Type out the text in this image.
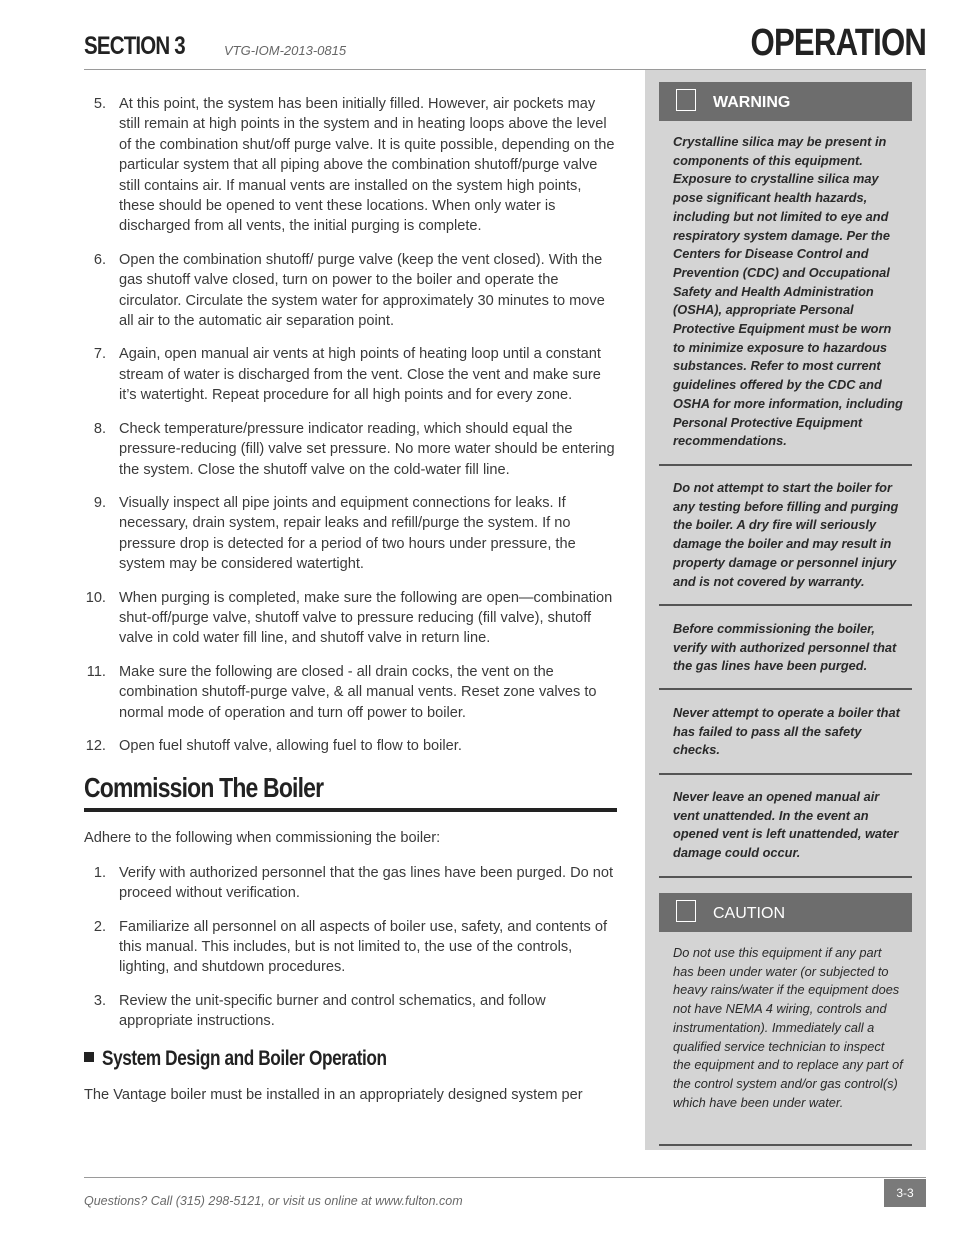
SECTION 3	VTG-IOM-2013-0815	OPERATION
5. At this point, the system has been initially filled. However, air pockets may still remain at high points in the system and in heating loops above the level of the combination shut/off purge valve. It is quite possible, depending on the particular system that all piping above the combination shutoff/purge valve still contains air. If manual vents are installed on the system high points, these should be opened to vent these locations. When only water is discharged from all vents, the initial purging is complete.
6. Open the combination shutoff/ purge valve (keep the vent closed). With the gas shutoff valve closed, turn on power to the boiler and operate the circulator. Circulate the system water for approximately 30 minutes to move all air to the automatic air separation point.
7. Again, open manual air vents at high points of heating loop until a constant stream of water is discharged from the vent. Close the vent and make sure it’s watertight. Repeat procedure for all high points and for every zone.
8. Check temperature/pressure indicator reading, which should equal the pressure-reducing (fill) valve set pressure. No more water should be entering the system. Close the shutoff valve on the cold-water fill line.
9. Visually inspect all pipe joints and equipment connections for leaks. If necessary, drain system, repair leaks and refill/purge the system. If no pressure drop is detected for a period of two hours under pressure, the system may be considered watertight.
10. When purging is completed, make sure the following are open—combination shut-off/purge valve, shutoff valve to pressure reducing (fill valve), shutoff valve in cold water fill line, and shutoff valve in return line.
11. Make sure the following are closed - all drain cocks, the vent on the combination shutoff-purge valve, & all manual vents. Reset zone valves to normal mode of operation and turn off power to boiler.
12. Open fuel shutoff valve, allowing fuel to flow to boiler.
Commission The Boiler

Adhere to the following when commissioning the boiler:

1. Verify with authorized personnel that the gas lines have been purged. Do not proceed without verification.
2. Familiarize all personnel on all aspects of boiler use, safety, and contents of this manual. This includes, but is not limited to, the use of the controls, lighting, and shutdown procedures.
3. Review the unit-specific burner and control schematics, and follow appropriate instructions.
System Design and Boiler Operation

The Vantage boiler must be installed in an appropriately designed system per

WARNING

Crystalline silica may be present in components of this equipment. Exposure to crystalline silica may pose significant health hazards, including but not limited to eye and respiratory system damage. Per the Centers for Disease Control and Prevention (CDC) and Occupational Safety and Health Administration (OSHA), appropriate Personal Protective Equipment must be worn to minimize exposure to hazardous substances. Refer to most current guidelines offered by the CDC and OSHA for more information, including Personal Protective Equipment recommendations.

Do not attempt to start the boiler for any testing before filling and purging the boiler. A dry fire will seriously damage the boiler and may result in property damage or personnel injury and is not covered by warranty.

Before commissioning the boiler, verify with authorized personnel that the gas lines have been purged.

Never attempt to operate a boiler that has failed to pass all the safety checks.

Never leave an opened manual air vent unattended. In the event an opened vent is left unattended, water damage could occur.

CAUTION

Do not use this equipment if any part has been under water (or subjected to heavy rains/water if the equipment does not have NEMA 4 wiring, controls and instrumentation). Immediately call a qualified service technician to inspect the equipment and to replace any part of the control system and/or gas control(s) which have been under water.

Questions? Call (315) 298-5121, or visit us online at www.fulton.com
3-3
